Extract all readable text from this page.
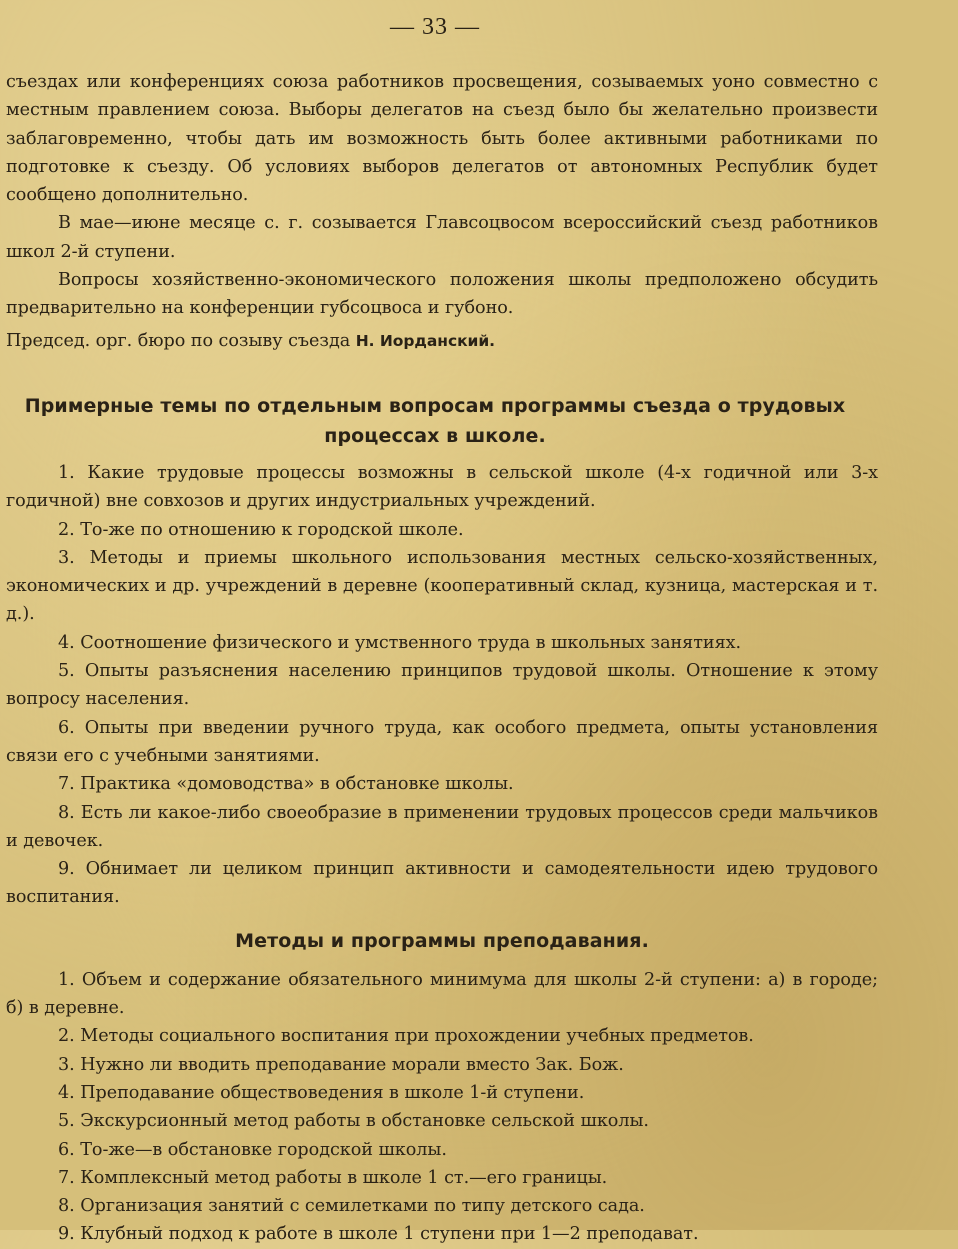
— 33 —

съездах или конференциях союза работников просвещения, созываемых уоно совместно с местным правлением союза. Выборы делегатов на съезд было бы желательно произвести заблаговременно, чтобы дать им возможность быть более активными работниками по подготовке к съезду. Об условиях выборов делегатов от автономных Республик будет сообщено дополнительно.

В мае—июне месяце с. г. созывается Главсоцвосом всероссийский съезд работников школ 2-й ступени.

Вопросы хозяйственно-экономического положения школы предположено обсудить предварительно на конференции губсоцвоса и губоно.

Председ. орг. бюро по созыву съезда Н. Иорданский.

Примерные темы по отдельным вопросам программы съезда о трудовых
процессах в школе.

1. Какие трудовые процессы возможны в сельской школе (4-х годичной или 3-х годичной) вне совхозов и других индустриальных учреждений.

2. То-же по отношению к городской школе.

3. Методы и приемы школьного использования местных сельско-хозяйственных, экономических и др. учреждений в деревне (кооперативный склад, кузница, мастерская и т. д.).

4. Соотношение физического и умственного труда в школьных занятиях.

5. Опыты разъяснения населению принципов трудовой школы. Отношение к этому вопросу населения.

6. Опыты при введении ручного труда, как особого предмета, опыты установления связи его с учебными занятиями.

7. Практика «домоводства» в обстановке школы.

8. Есть ли какое-либо своеобразие в применении трудовых процессов среди мальчиков и девочек.

9. Обнимает ли целиком принцип активности и самодеятельности идею трудового воспитания.

Методы и программы преподавания.

1. Объем и содержание обязательного минимума для школы 2-й ступени: а) в городе; б) в деревне.

2. Методы социального воспитания при прохождении учебных предметов.

3. Нужно ли вводить преподавание морали вместо Зак. Бож.

4. Преподавание обществоведения в школе 1-й ступени.

5. Экскурсионный метод работы в обстановке сельской школы.

6. То-же—в обстановке городской школы.

7. Комплексный метод работы в школе 1 ст.—его границы.

8. Организация занятий с семилетками по типу детского сада.

9. Клубный подход к работе в школе 1 ступени при 1—2 преподават.
